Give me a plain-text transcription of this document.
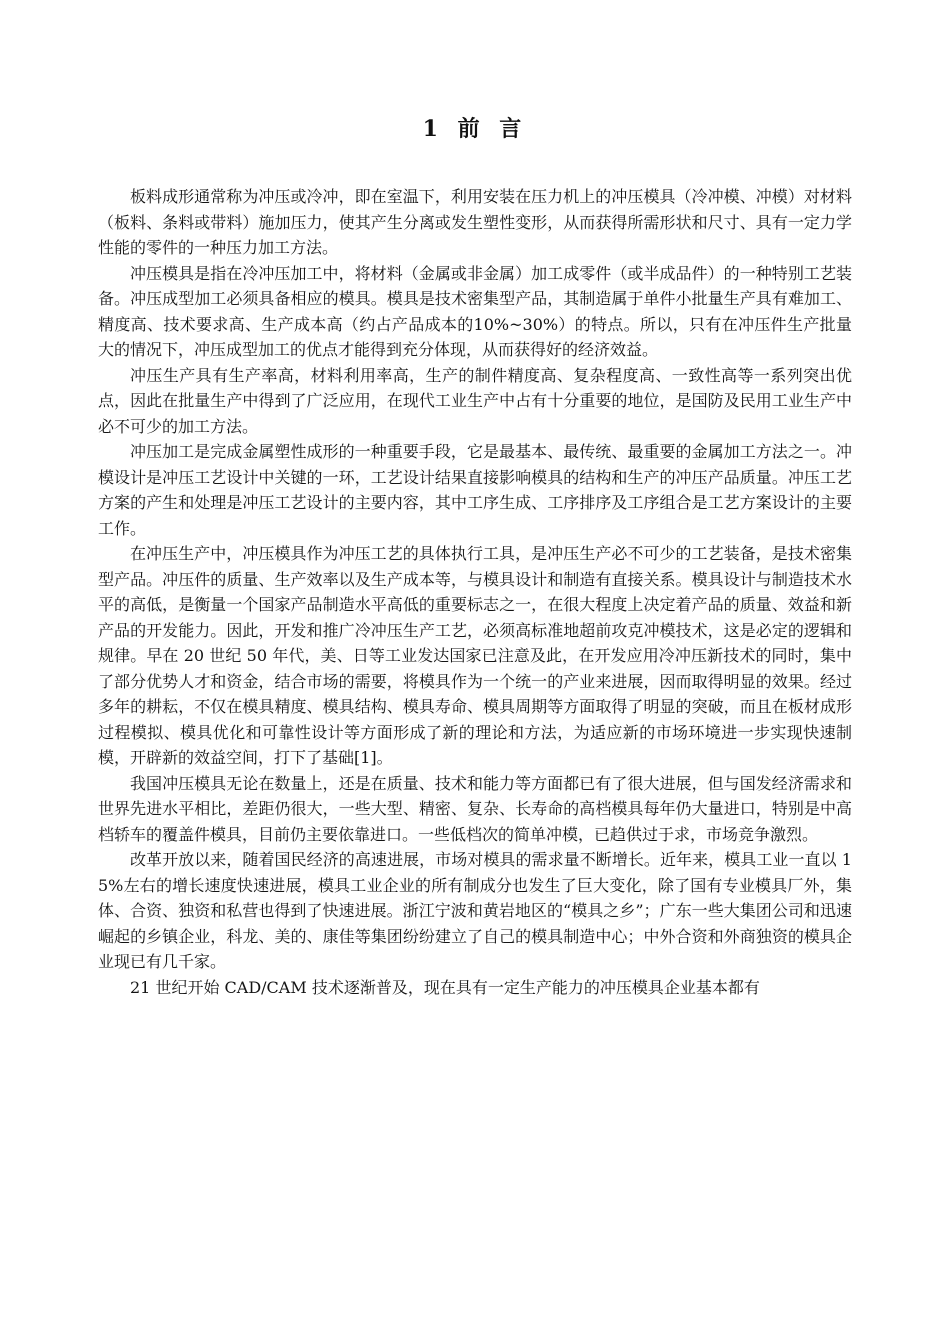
1 前 言

板料成形通常称为冲压或冷冲，即在室温下，利用安装在压力机上的冲压模具（冷冲模、冲模）对材料（板料、条料或带料）施加压力，使其产生分离或发生塑性变形，从而获得所需形状和尺寸、具有一定力学性能的零件的一种压力加工方法。

冲压模具是指在冷冲压加工中，将材料（金属或非金属）加工成零件（或半成品件）的一种特别工艺装备。冲压成型加工必须具备相应的模具。模具是技术密集型产品，其制造属于单件小批量生产具有难加工、精度高、技术要求高、生产成本高（约占产品成本的10%~30%）的特点。所以，只有在冲压件生产批量大的情况下，冲压成型加工的优点才能得到充分体现，从而获得好的经济效益。

冲压生产具有生产率高，材料利用率高，生产的制件精度高、复杂程度高、一致性高等一系列突出优点，因此在批量生产中得到了广泛应用，在现代工业生产中占有十分重要的地位，是国防及民用工业生产中必不可少的加工方法。

冲压加工是完成金属塑性成形的一种重要手段，它是最基本、最传统、最重要的金属加工方法之一。冲模设计是冲压工艺设计中关键的一环，工艺设计结果直接影响模具的结构和生产的冲压产品质量。冲压工艺方案的产生和处理是冲压工艺设计的主要内容，其中工序生成、工序排序及工序组合是工艺方案设计的主要工作。

在冲压生产中，冲压模具作为冲压工艺的具体执行工具，是冲压生产必不可少的工艺装备，是技术密集型产品。冲压件的质量、生产效率以及生产成本等，与模具设计和制造有直接关系。模具设计与制造技术水平的高低，是衡量一个国家产品制造水平高低的重要标志之一，在很大程度上决定着产品的质量、效益和新产品的开发能力。因此，开发和推广冷冲压生产工艺，必须高标准地超前攻克冲模技术，这是必定的逻辑和规律。早在 20 世纪 50 年代，美、日等工业发达国家已注意及此，在开发应用冷冲压新技术的同时，集中了部分优势人才和资金，结合市场的需要，将模具作为一个统一的产业来进展，因而取得明显的效果。经过多年的耕耘，不仅在模具精度、模具结构、模具寿命、模具周期等方面取得了明显的突破，而且在板材成形过程模拟、模具优化和可靠性设计等方面形成了新的理论和方法，为适应新的市场环境进一步实现快速制模，开辟新的效益空间，打下了基础[1]。

我国冲压模具无论在数量上，还是在质量、技术和能力等方面都已有了很大进展，但与国发经济需求和世界先进水平相比，差距仍很大，一些大型、精密、复杂、长寿命的高档模具每年仍大量进口，特别是中高档轿车的覆盖件模具，目前仍主要依靠进口。一些低档次的简单冲模，已趋供过于求，市场竞争激烈。

改革开放以来，随着国民经济的高速进展，市场对模具的需求量不断增长。近年来，模具工业一直以 15%左右的增长速度快速进展，模具工业企业的所有制成分也发生了巨大变化，除了国有专业模具厂外，集体、合资、独资和私营也得到了快速进展。浙江宁波和黄岩地区的“模具之乡”；广东一些大集团公司和迅速崛起的乡镇企业，科龙、美的、康佳等集团纷纷建立了自己的模具制造中心；中外合资和外商独资的模具企业现已有几千家。

21 世纪开始 CAD/CAM 技术逐渐普及，现在具有一定生产能力的冲压模具企业基本都有
